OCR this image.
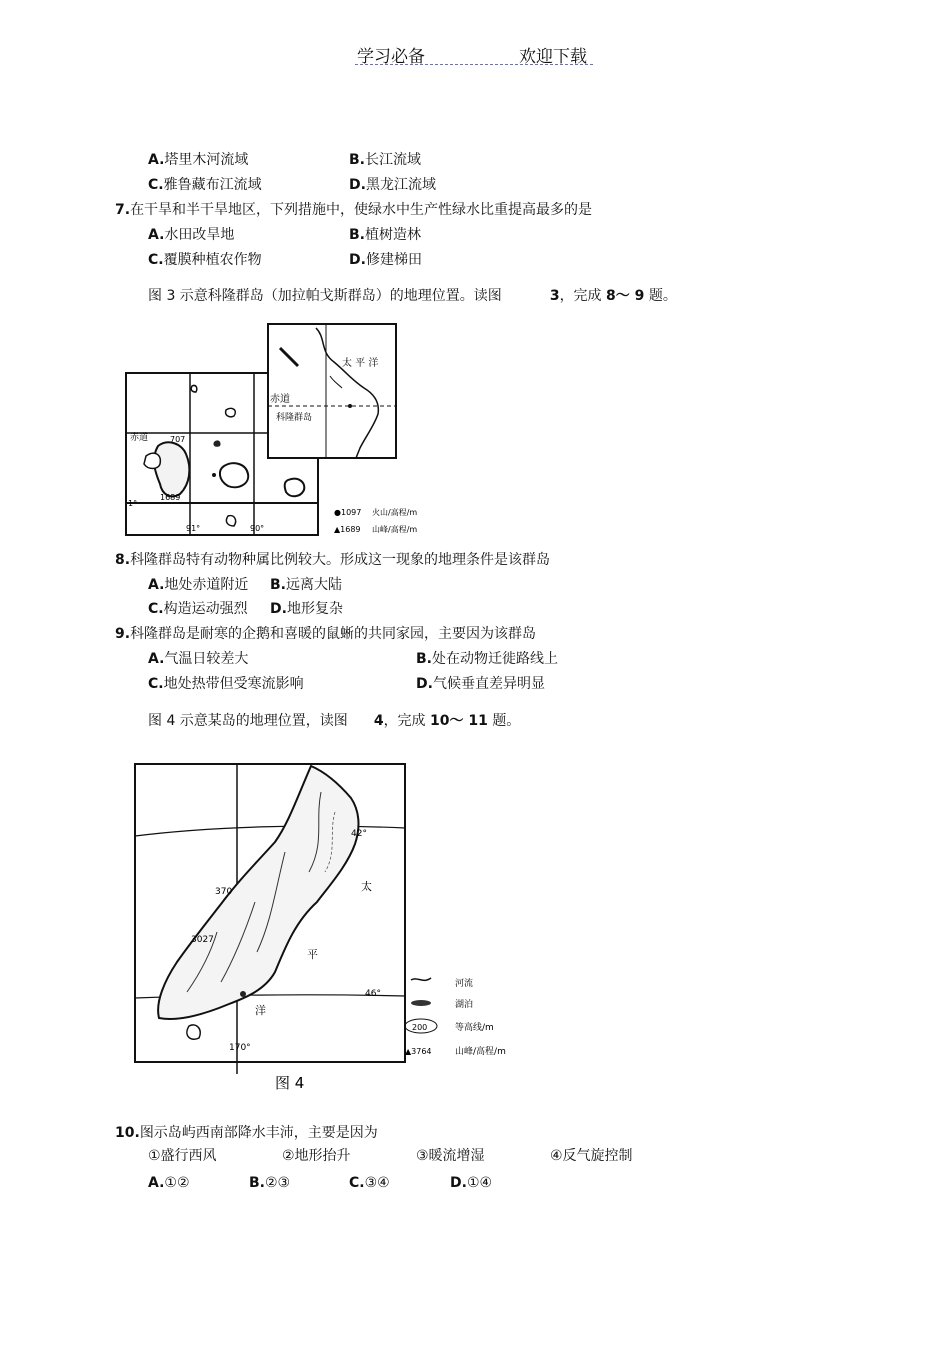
学习必备	欢迎下载
A.塔里木河流域	B.长江流域
C.雅鲁藏布江流域	D.黑龙江流域
7.在干旱和半干旱地区，下列措施中，使绿水中生产性绿水比重提高最多的是
A.水田改旱地	B.植树造林
C.覆膜种植农作物	D.修建梯田
图 3 示意科隆群岛（加拉帕戈斯群岛）的地理位置。读图	3，完成 8～ 9 题。
赤道	707
1689
1°
91°	90°
太 平 洋
赤道
科隆群岛
●1097 火山/高程/m
▲1689 山峰/高程/m
8.科隆群岛特有动物种属比例较大。形成这一现象的地理条件是该群岛
A.地处赤道附近 B.远离大陆
C.构造运动强烈 D.地形复杂
9.科隆群岛是耐寒的企鹅和喜暖的鼠蜥的共同家园，主要因为该群岛
A.气温日较差大	B.处在动物迁徙路线上
C.地处热带但受寒流影响	D.气候垂直差异明显
图 4 示意某岛的地理位置，读图 4，完成 10～ 11 题。
42°
370
3027
46°
170°
太
平
洋
图 4
河流
湖泊
200	等高线/m
▲3764	山峰/高程/m
10.图示岛屿西南部降水丰沛，主要是因为
①盛行西风	②地形抬升	③暖流增湿	④反气旋控制
A.①②	B.②③	C.③④	D.①④
